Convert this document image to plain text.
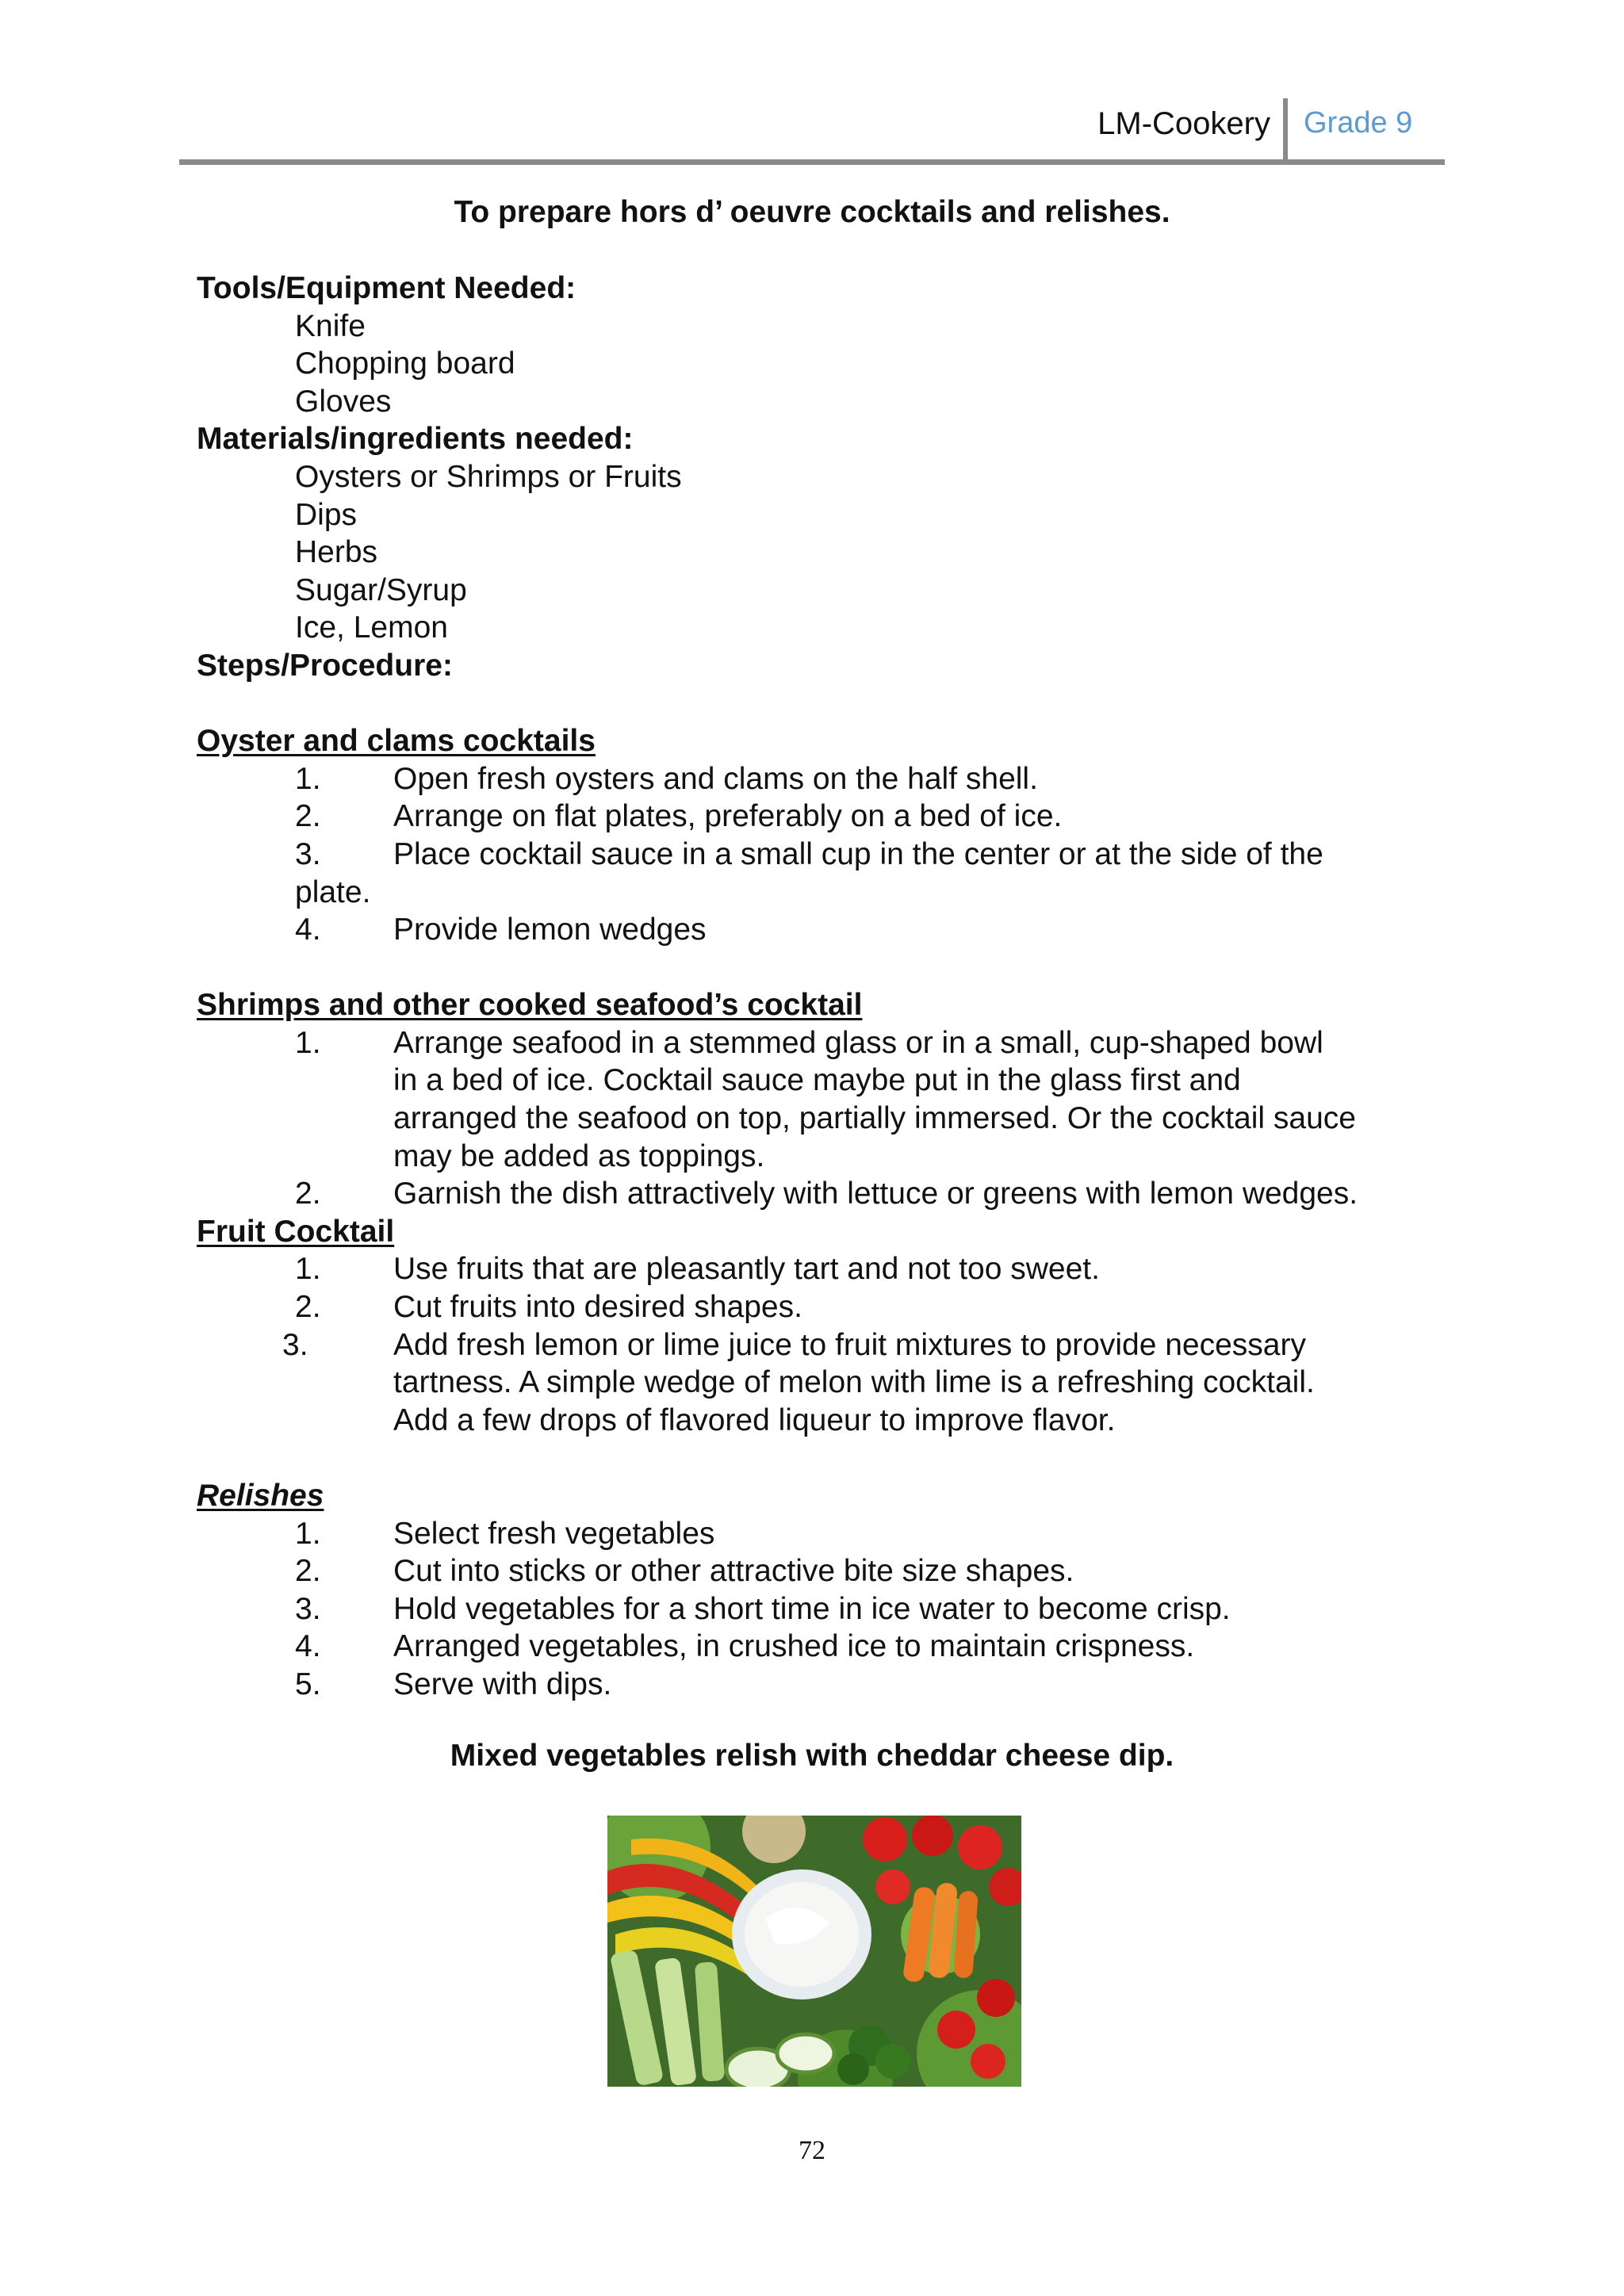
LM-Cookery Grade 9
To prepare hors d’ oeuvre cocktails and relishes.
Tools/Equipment Needed:
Knife
Chopping board
Gloves
Materials/ingredients needed:
Oysters or Shrimps or Fruits
Dips
Herbs
Sugar/Syrup
Ice, Lemon
Steps/Procedure:
Oyster and clams cocktails
1. Open fresh oysters and clams on the half shell.
2. Arrange on flat plates, preferably on a bed of ice.
3. Place cocktail sauce in a small cup in the center or at the side of the
plate.
4. Provide lemon wedges
Shrimps and other cooked seafood’s cocktail
1. Arrange seafood in a stemmed glass or in a small, cup-shaped bowl
in a bed of ice. Cocktail sauce maybe put in the glass first and
arranged the seafood on top, partially immersed. Or the cocktail sauce
may be added as toppings.
2. Garnish the dish attractively with lettuce or greens with lemon wedges.
Fruit Cocktail
1. Use fruits that are pleasantly tart and not too sweet.
2. Cut fruits into desired shapes.
3.	Add fresh lemon or lime juice to fruit mixtures to provide necessary
tartness. A simple wedge of melon with lime is a refreshing cocktail.
Add a few drops of flavored liqueur to improve flavor.
Relishes
1. Select fresh vegetables
2. Cut into sticks or other attractive bite size shapes.
3. Hold vegetables for a short time in ice water to become crisp.
4. Arranged vegetables, in crushed ice to maintain crispness.
5. Serve with dips.
Mixed vegetables relish with cheddar cheese dip.
72
